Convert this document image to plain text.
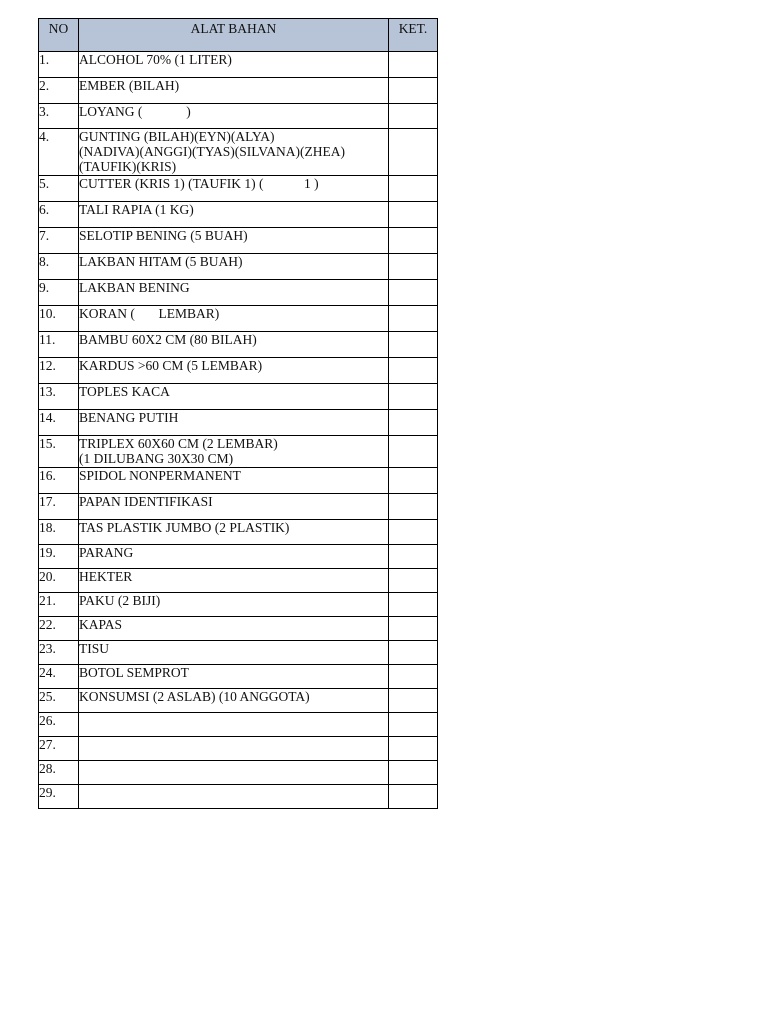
NO	ALAT BAHAN	KET.
1.	ALCOHOL 70% (1 LITER)	
2.	EMBER (BILAH)	
3.	LOYANG (             )	
4.	GUNTING (BILAH)(EYN)(ALYA)
(NADIVA)(ANGGI)(TYAS)(SILVANA)(ZHEA)
(TAUFIK)(KRIS)	
5.	CUTTER (KRIS 1) (TAUFIK 1) (            1 )	
6.	TALI RAPIA (1 KG)	
7.	SELOTIP BENING (5 BUAH)	
8.	LAKBAN HITAM (5 BUAH)	
9.	LAKBAN BENING	
10.	KORAN (       LEMBAR)	
11.	BAMBU 60X2 CM (80 BILAH)	
12.	KARDUS >60 CM (5 LEMBAR)	
13.	TOPLES KACA	
14.	BENANG PUTIH	
15.	TRIPLEX 60X60 CM (2 LEMBAR)
(1 DILUBANG 30X30 CM)	
16.	SPIDOL NONPERMANENT	
17.	PAPAN IDENTIFIKASI	
18.	TAS PLASTIK JUMBO (2 PLASTIK)	
19.	PARANG	
20.	HEKTER	
21.	PAKU (2 BIJI)	
22.	KAPAS	
23.	TISU	
24.	BOTOL SEMPROT	
25.	KONSUMSI (2 ASLAB) (10 ANGGOTA)	
26.		
27.		
28.		
29.		
